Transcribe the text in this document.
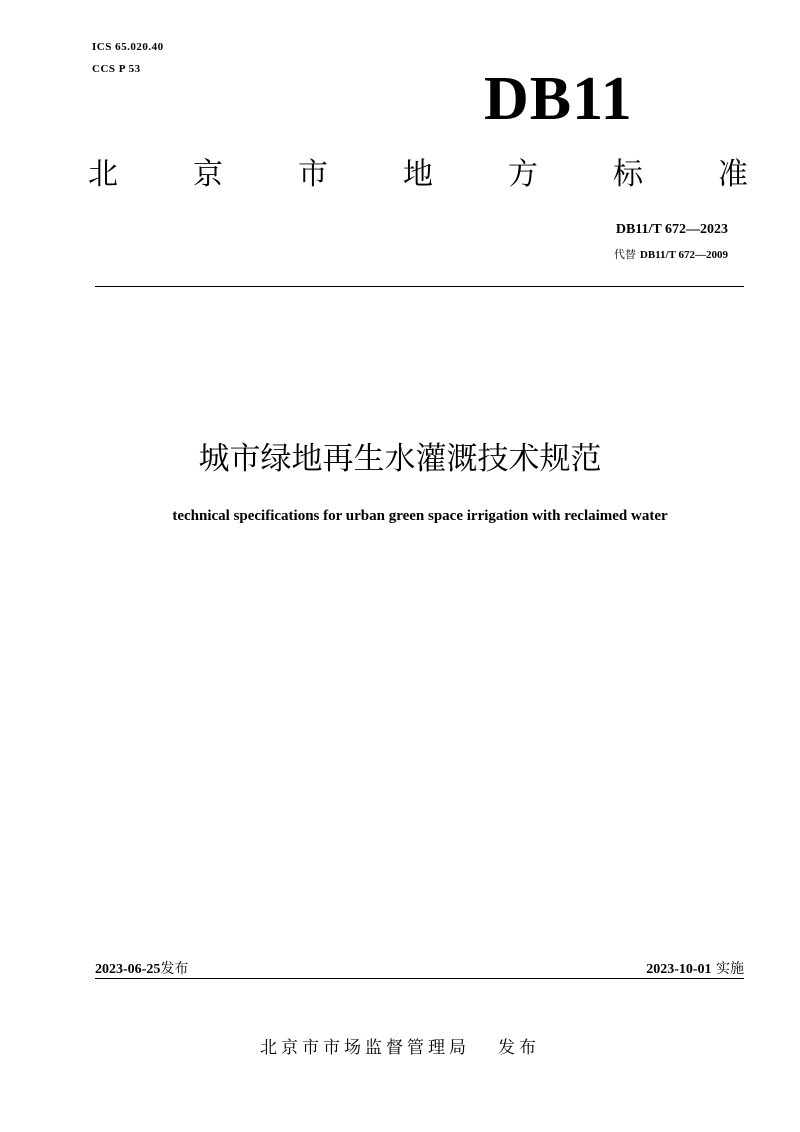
ICS 65.020.40
CCS P 53	DB11
北	京	市	地	方	标	准
DB11/T 672—2023
代替 DB11/T 672—2009
城市绿地再生水灌溉技术规范
technical specifications for urban green space irrigation with reclaimed water
2023-06-25发布	2023-10-01 实施
北京市市场监督管理局 发布
